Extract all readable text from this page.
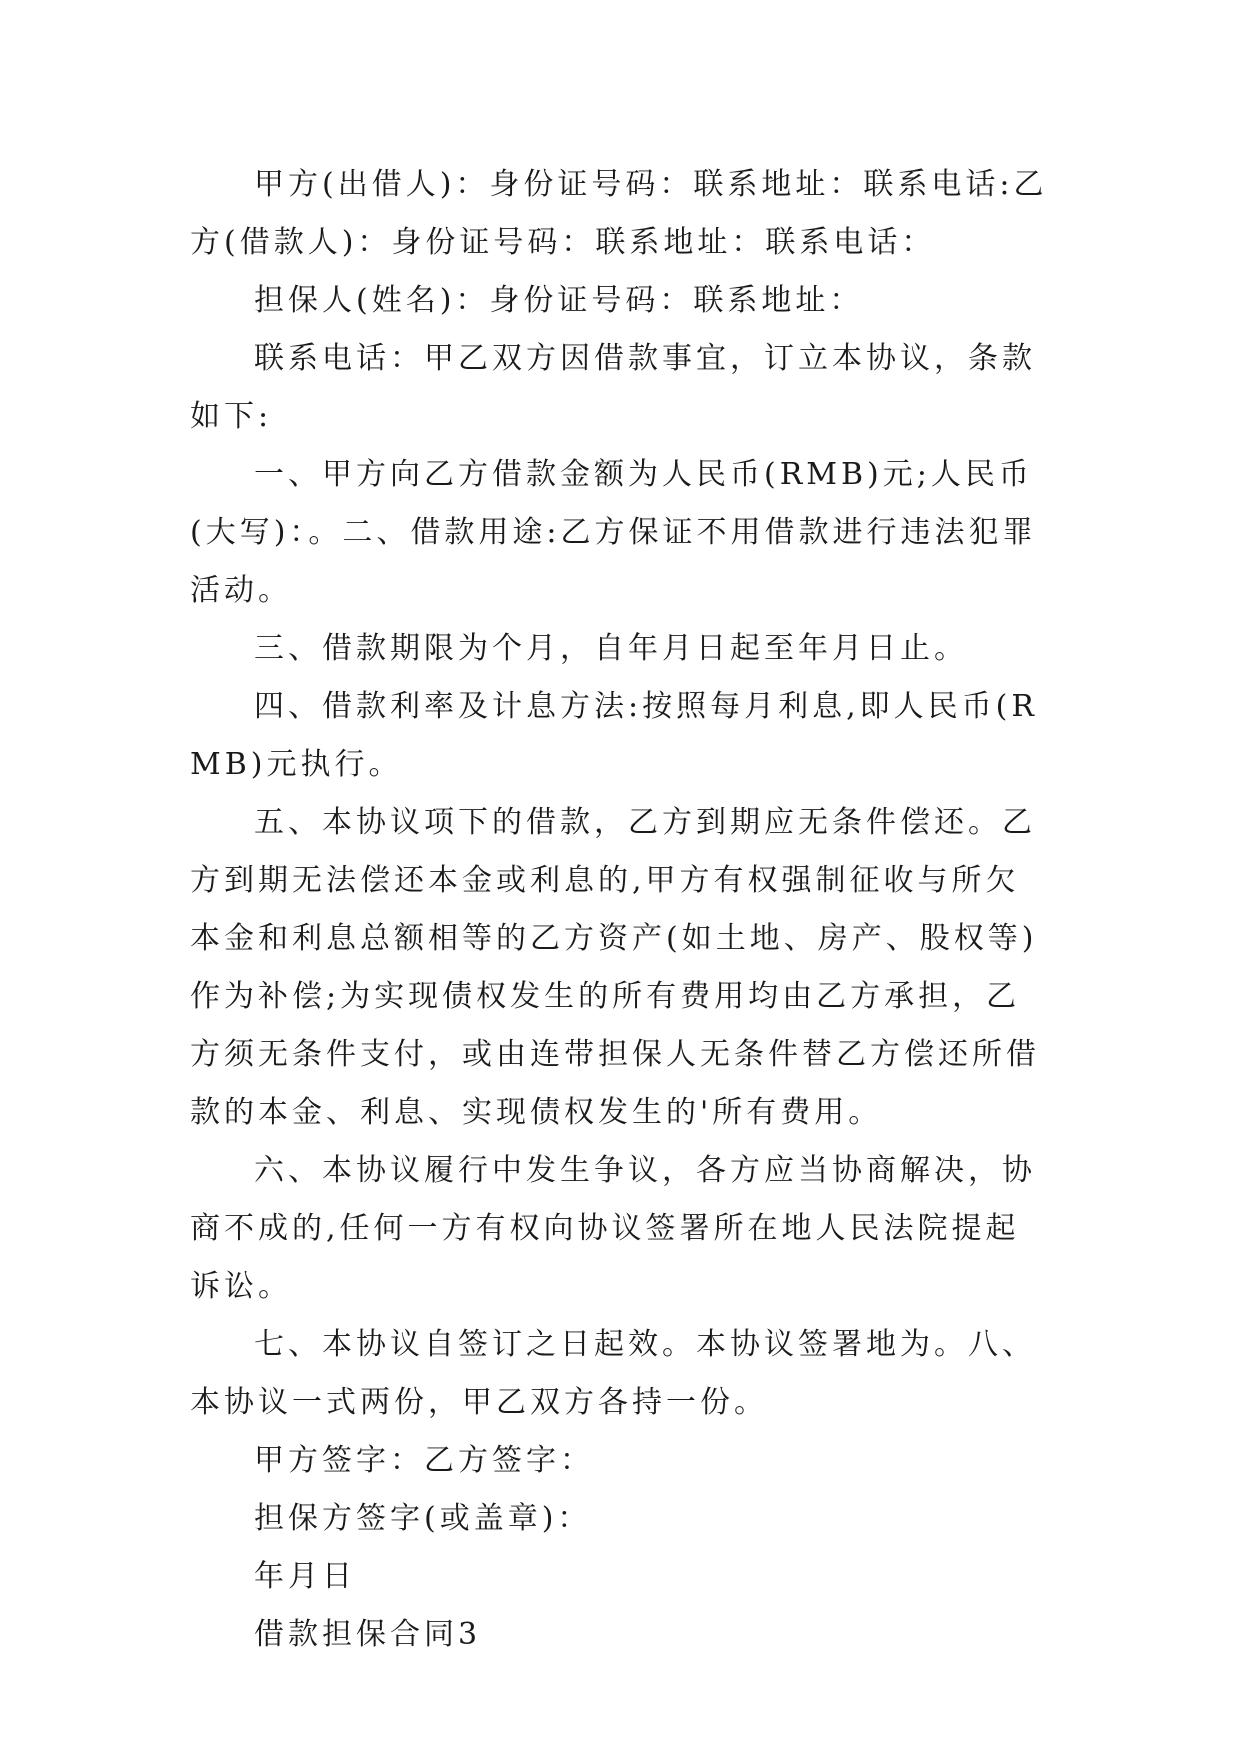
甲方(出借人)：身份证号码：联系地址：联系电话:乙方(借款人)：身份证号码：联系地址：联系电话：

担保人(姓名)：身份证号码：联系地址：

联系电话：甲乙双方因借款事宜，订立本协议，条款如下:

一、甲方向乙方借款金额为人民币(RMB)元;人民币(大写)：。二、借款用途:乙方保证不用借款进行违法犯罪活动。

三、借款期限为个月，自年月日起至年月日止。

四、借款利率及计息方法:按照每月利息,即人民币(RMB)元执行。

五、本协议项下的借款，乙方到期应无条件偿还。乙方到期无法偿还本金或利息的,甲方有权强制征收与所欠本金和利息总额相等的乙方资产(如土地、房产、股权等)作为补偿;为实现债权发生的所有费用均由乙方承担，乙方须无条件支付，或由连带担保人无条件替乙方偿还所借款的本金、利息、实现债权发生的'所有费用。

六、本协议履行中发生争议，各方应当协商解决，协商不成的,任何一方有权向协议签署所在地人民法院提起诉讼。

七、本协议自签订之日起效。本协议签署地为。八、本协议一式两份，甲乙双方各持一份。

甲方签字：乙方签字：

担保方签字(或盖章)：

年月日

借款担保合同3
